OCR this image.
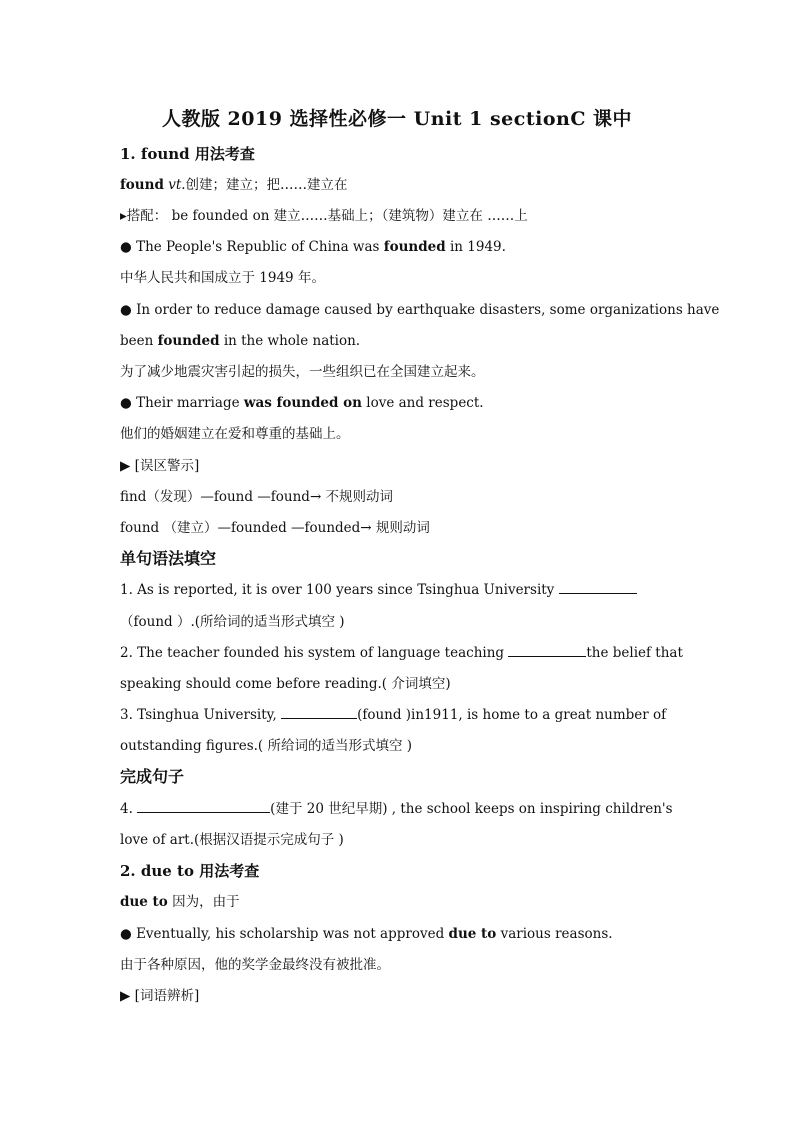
人教版 2019 选择性必修一 Unit 1 sectionC 课中
1. found 用法考查
found vt.创建；建立；把……建立在
▸搭配： be founded on 建立……基础上；（建筑物）建立在 ……上
● The People's Republic of China was founded in 1949.
中华人民共和国成立于 1949 年。
● In order to reduce damage caused by earthquake disasters, some organizations have
been founded in the whole nation.
为了减少地震灾害引起的损失，一些组织已在全国建立起来。
● Their marriage was founded on love and respect.
他们的婚姻建立在爱和尊重的基础上。
▶ [误区警示]
find（发现）—found —found→ 不规则动词
found （建立）—founded —founded→ 规则动词
单句语法填空
1. As is reported, it is over 100 years since Tsinghua University
（found ）.(所给词的适当形式填空 )
2. The teacher founded his system of language teaching	the belief that
speaking should come before reading.( 介词填空)
3. Tsinghua University,	(found )in1911, is home to a great number of
outstanding figures.( 所给词的适当形式填空 )
完成句子
4.	(建于 20 世纪早期) , the school keeps on inspiring children's
love of art.(根据汉语提示完成句子 )
2. due to 用法考查
due to 因为，由于
● Eventually, his scholarship was not approved due to various reasons.
由于各种原因，他的奖学金最终没有被批准。
▶ [词语辨析]
